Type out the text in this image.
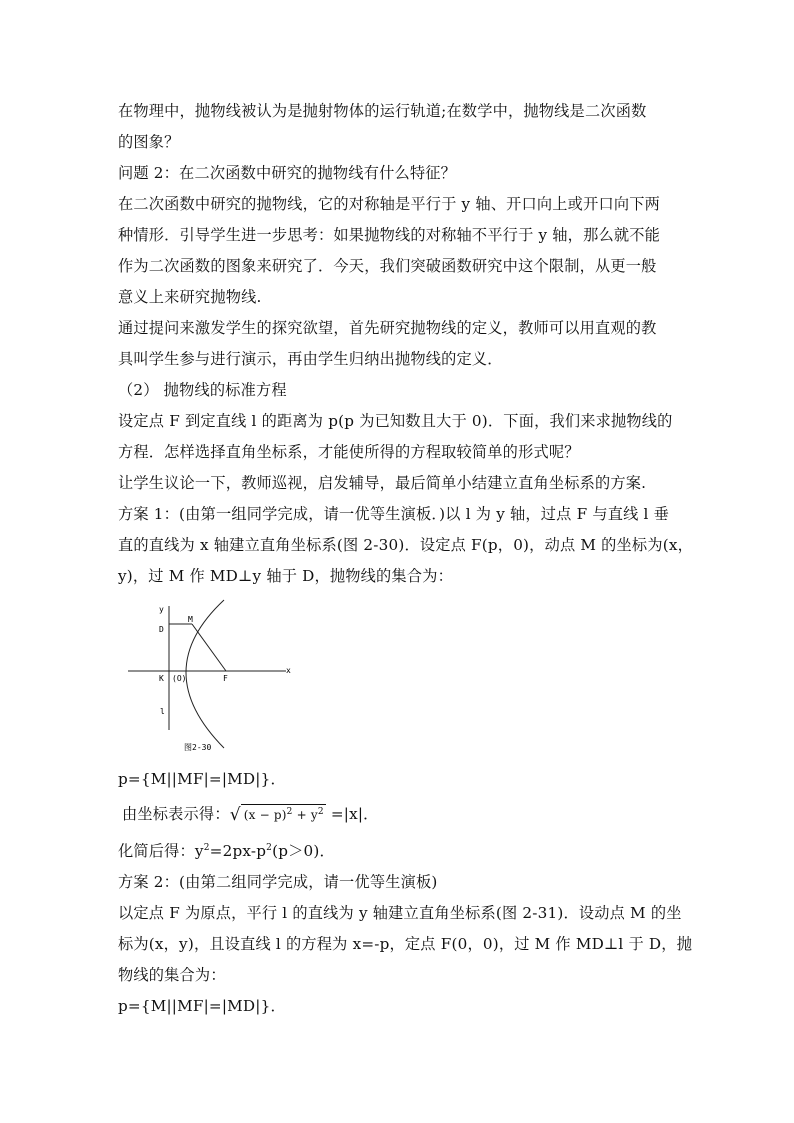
在物理中，抛物线被认为是抛射物体的运行轨道;在数学中，抛物线是二次函数
的图象？
问题 2：在二次函数中研究的抛物线有什么特征？
在二次函数中研究的抛物线，它的对称轴是平行于 y 轴、开口向上或开口向下两
种情形．引导学生进一步思考：如果抛物线的对称轴不平行于 y 轴，那么就不能
作为二次函数的图象来研究了．今天，我们突破函数研究中这个限制，从更一般
意义上来研究抛物线.
通过提问来激发学生的探究欲望，首先研究抛物线的定义，教师可以用直观的教
具叫学生参与进行演示，再由学生归纳出抛物线的定义．
（2） 抛物线的标准方程
设定点 F 到定直线 l 的距离为 p(p 为已知数且大于 0)．下面，我们来求抛物线的
方程．怎样选择直角坐标系，才能使所得的方程取较简单的形式呢？
让学生议论一下，教师巡视，启发辅导，最后简单小结建立直角坐标系的方案.
方案 1：(由第一组同学完成，请一优等生演板．)以 l 为 y 轴，过点 F 与直线 l 垂
直的直线为 x 轴建立直角坐标系(图 2-30)．设定点 F(p，0)，动点 M 的坐标为(x，
y)，过 M 作 MD⊥y 轴于 D，抛物线的集合为：
y
x
D
M
K (O)	F
l
图2-30
p={M||MF|=|MD|}．
由坐标表示得：√ $(x - p)^2 + y^2 =|x|$．
化简后得：$y^2=2px-p^2(p>0)$．
方案 2：(由第二组同学完成，请一优等生演板)
以定点 F 为原点，平行 l 的直线为 y 轴建立直角坐标系(图 2-31)．设动点 M 的坐
标为(x，y)，且设直线 l 的方程为 x=-p，定点 F(0，0)，过 M 作 MD⊥l 于 D，抛
物线的集合为：
p={M||MF|=|MD|}．
